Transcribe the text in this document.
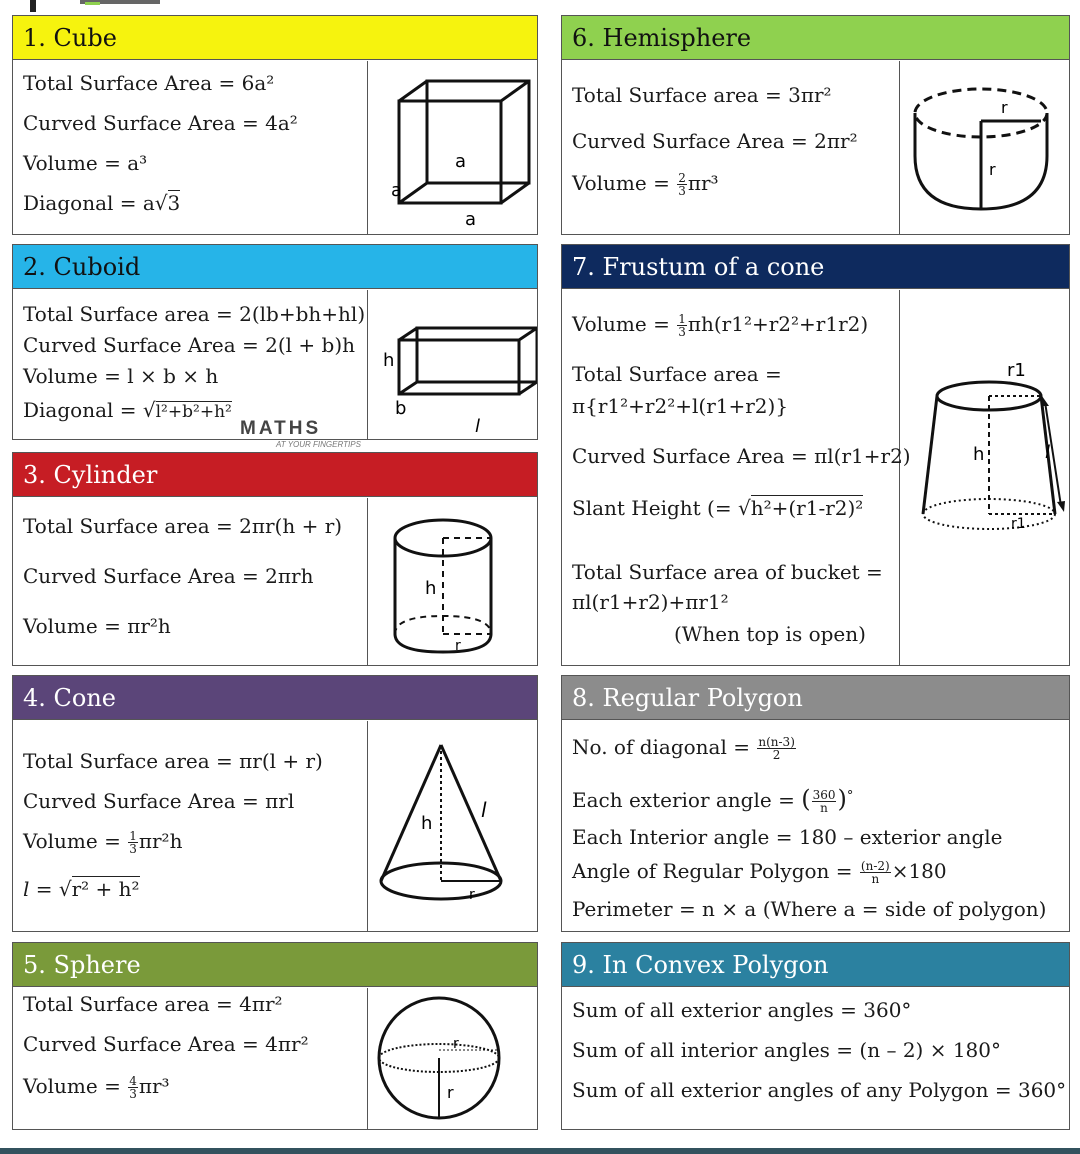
1. Cube
Total Surface Area = 6a²
Curved Surface Area = 4a²
Volume = a³
Diagonal = a√3
a
a
a
6. Hemisphere
Total Surface area = 3πr²
Curved Surface Area = 2πr²
Volume = $\frac{2}{3} \pi r^3$
r
r
2. Cuboid
Total Surface area = 2(lb+bh+hl)
Curved Surface Area = 2(l + b)h
Volume = l × b × h
Diagonal = √l²+b²+h²
h
b
l
7. Frustum of a cone
Volume = $\frac{1}{3} \pi h(r1^2+r2^2+r1r2)$
Total Surface area =
π{r1²+r2²+l(r1+r2)}
Curved Surface Area = πl(r1+r2)
Slant Height (= √h²+(r1-r2)²
Total Surface area of bucket =
πl(r1+r2)+πr1²
(When top is open)
r1
h	l
r1
3. Cylinder
Total Surface area = 2πr(h + r)
Curved Surface Area = 2πrh
Volume = πr²h
h
r
MATHS
AT YOUR FINGERTIPS
4. Cone
Total Surface area = πr(l + r)
Curved Surface Area = πrl
Volume = $\frac{1}{3} \pi r^2h$
l = √r² + h²
h
l
r
8. Regular Polygon
No. of diagonal = $\frac{n(n-3)}{2}$
Each exterior angle = ( $\frac{360}{n} )^\circ$
Each Interior angle = 180 – exterior angle
Angle of Regular Polygon = $\frac{(n-2)}{n} \times 180$
Perimeter = n × a (Where a = side of polygon)
5. Sphere
Total Surface area = 4πr²
Curved Surface Area = 4πr²
Volume = $\frac{4}{3} \pi r^3$
r
r
9. In Convex Polygon
Sum of all exterior angles = 360°
Sum of all interior angles = (n – 2) × 180°
Sum of all exterior angles of any Polygon = 360°
